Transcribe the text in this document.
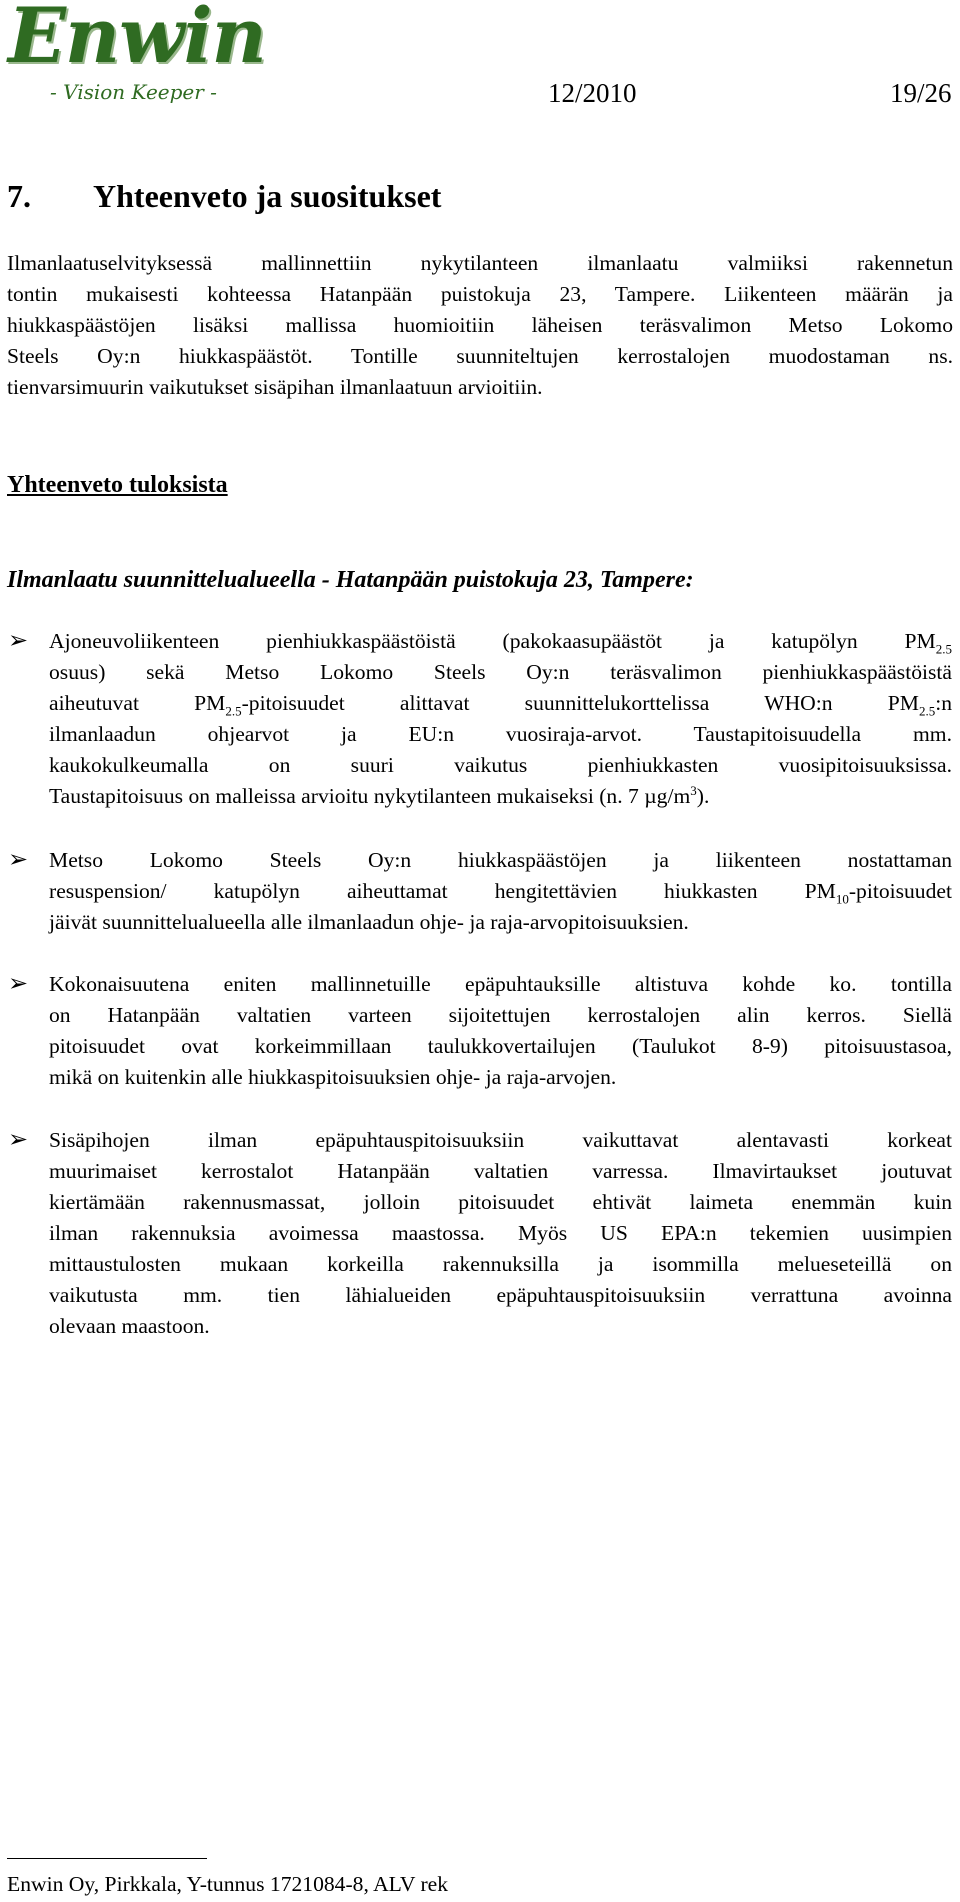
Enwin
- Vision Keeper -	12/2010	19/26
7. Yhteenveto ja suositukset
Ilmanlaatuselvityksessä mallinnettiin nykytilanteen ilmanlaatu valmiiksi rakennetun
tontin mukaisesti kohteessa Hatanpään puistokuja 23, Tampere. Liikenteen määrän ja
hiukkaspäästöjen lisäksi mallissa huomioitiin läheisen teräsvalimon Metso Lokomo
Steels Oy:n hiukkaspäästöt. Tontille suunniteltujen kerrostalojen muodostaman ns.
tienvarsimuurin vaikutukset sisäpihan ilmanlaatuun arvioitiin.
Yhteenveto tuloksista
Ilmanlaatu suunnittelualueella - Hatanpään puistokuja 23, Tampere:
➢ Ajoneuvoliikenteen pienhiukkaspäästöistä (pakokaasupäästöt ja katupölyn $PM_{2.5}$
osuus) sekä Metso Lokomo Steels Oy:n teräsvalimon pienhiukkaspäästöistä
aiheutuvat $PM_{2.5}$-pitoisuudet alittavat suunnittelukorttelissa WHO:n $PM_{2.5}:n$
ilmanlaadun ohjearvot ja EU:n vuosiraja-arvot. Taustapitoisuudella mm.
kaukokulkeumalla on suuri vaikutus pienhiukkasten vuosipitoisuuksissa.
Taustapitoisuus on malleissa arvioitu nykytilanteen mukaiseksi (n. 7 $\mu g/m^3$).
➢ Metso Lokomo Steels Oy:n hiukkaspäästöjen ja liikenteen nostattaman
resuspension/ katupölyn aiheuttamat hengitettävien hiukkasten $PM_{10}$-pitoisuudet
jäivät suunnittelualueella alle ilmanlaadun ohje- ja raja-arvopitoisuuksien.
➢ Kokonaisuutena eniten mallinnetuille epäpuhtauksille altistuva kohde ko. tontilla
on Hatanpään valtatien varteen sijoitettujen kerrostalojen alin kerros. Siellä
pitoisuudet ovat korkeimmillaan taulukkovertailujen (Taulukot 8-9) pitoisuustasoa,
mikä on kuitenkin alle hiukkaspitoisuuksien ohje- ja raja-arvojen.
➢ Sisäpihojen ilman epäpuhtauspitoisuuksiin vaikuttavat alentavasti korkeat
muurimaiset kerrostalot Hatanpään valtatien varressa. Ilmavirtaukset joutuvat
kiertämään rakennusmassat, jolloin pitoisuudet ehtivät laimeta enemmän kuin
ilman rakennuksia avoimessa maastossa. Myös US EPA:n tekemien uusimpien
mittaustulosten mukaan korkeilla rakennuksilla ja isommilla melueseteillä on
vaikutusta mm. tien lähialueiden epäpuhtauspitoisuuksiin verrattuna avoinna
olevaan maastoon.
Enwin Oy, Pirkkala, Y-tunnus 1721084-8, ALV rek
